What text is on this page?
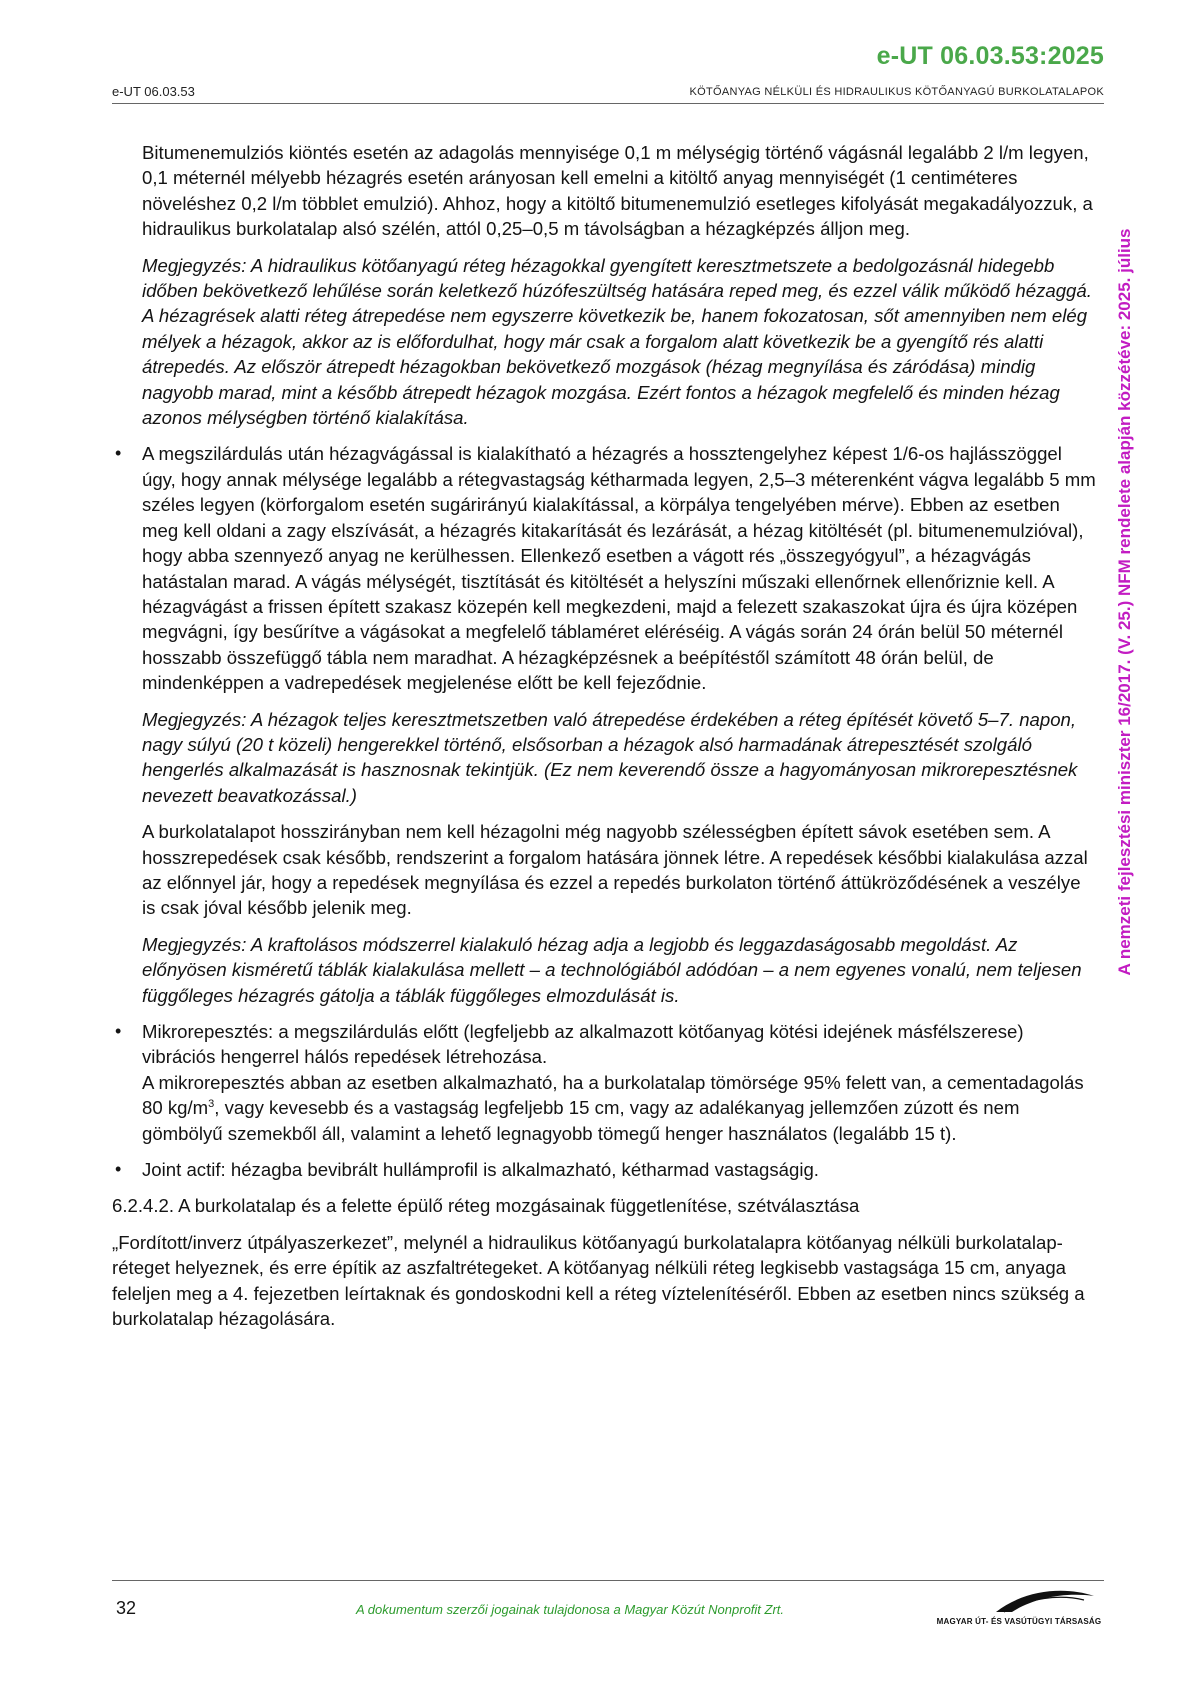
e-UT 06.03.53:2025
e-UT 06.03.53	KÖTŐANYAG NÉLKÜLI ÉS HIDRAULIKUS KÖTŐANYAGÚ BURKOLATALAPOK
A nemzeti fejlesztési miniszter 16/2017. (V. 25.) NFM rendelete alapján közzétéve: 2025. július

Bitumenemulziós kiöntés esetén az adagolás mennyisége 0,1 m mélységig történő vágásnál legalább 2 l/m legyen, 0,1 méternél mélyebb hézagrés esetén arányosan kell emelni a kitöltő anyag mennyiségét (1 centiméteres növeléshez 0,2 l/m többlet emulzió). Ahhoz, hogy a kitöltő bitumenemulzió esetleges kifolyását megakadályozzuk, a hidraulikus burkolatalap alsó szélén, attól 0,25–0,5 m távolságban a hézagképzés álljon meg.

Megjegyzés: A hidraulikus kötőanyagú réteg hézagokkal gyengített keresztmetszete a bedolgozásnál hidegebb időben bekövetkező lehűlése során keletkező húzófeszültség hatására reped meg, és ezzel válik működő hézaggá. A hézagrések alatti réteg átrepedése nem egyszerre következik be, hanem fokozatosan, sőt amennyiben nem elég mélyek a hézagok, akkor az is előfordulhat, hogy már csak a forgalom alatt következik be a gyengítő rés alatti átrepedés. Az először átrepedt hézagokban bekövetkező mozgások (hézag megnyílása és záródása) mindig nagyobb marad, mint a később átrepedt hézagok mozgása. Ezért fontos a hézagok megfelelő és minden hézag azonos mélységben történő kialakítása.

• A megszilárdulás után hézagvágással is kialakítható a hézagrés a hossztengelyhez képest 1/6-os hajlásszöggel úgy, hogy annak mélysége legalább a rétegvastagság kétharmada legyen, 2,5–3 méterenként vágva legalább 5 mm széles legyen (körforgalom esetén sugárirányú kialakítással, a körpálya tengelyében mérve). Ebben az esetben meg kell oldani a zagy elszívását, a hézagrés kitakarítását és lezárását, a hézag kitöltését (pl. bitumenemulzióval), hogy abba szennyező anyag ne kerülhessen. Ellenkező esetben a vágott rés „összegyógyul”, a hézagvágás hatástalan marad. A vágás mélységét, tisztítását és kitöltését a helyszíni műszaki ellenőrnek ellenőriznie kell. A hézagvágást a frissen épített szakasz közepén kell megkezdeni, majd a felezett szakaszokat újra és újra középen megvágni, így besűrítve a vágásokat a megfelelő táblaméret eléréséig. A vágás során 24 órán belül 50 méternél hosszabb összefüggő tábla nem maradhat. A hézagképzésnek a beépítéstől számított 48 órán belül, de mindenképpen a vadrepedések megjelenése előtt be kell fejeződnie.

Megjegyzés: A hézagok teljes keresztmetszetben való átrepedése érdekében a réteg építését követő 5–7. napon, nagy súlyú (20 t közeli) hengerekkel történő, elsősorban a hézagok alsó harmadának átrepesztését szolgáló hengerlés alkalmazását is hasznosnak tekintjük. (Ez nem keverendő össze a hagyományosan mikrorepesztésnek nevezett beavatkozással.)

A burkolatalapot hosszirányban nem kell hézagolni még nagyobb szélességben épített sávok esetében sem. A hosszrepedések csak később, rendszerint a forgalom hatására jönnek létre. A repedések későbbi kialakulása azzal az előnnyel jár, hogy a repedések megnyílása és ezzel a repedés burkolaton történő áttükröződésének a veszélye is csak jóval később jelenik meg.

Megjegyzés: A kraftolásos módszerrel kialakuló hézag adja a legjobb és leggazdaságosabb megoldást. Az előnyösen kisméretű táblák kialakulása mellett – a technológiából adódóan – a nem egyenes vonalú, nem teljesen függőleges hézagrés gátolja a táblák függőleges elmozdulását is.

• Mikrorepesztés: a megszilárdulás előtt (legfeljebb az alkalmazott kötőanyag kötési idejének másfélszerese) vibrációs hengerrel hálós repedések létrehozása.

A mikrorepesztés abban az esetben alkalmazható, ha a burkolatalap tömörsége 95% felett van, a cementadagolás 80 $kg/m^3$, vagy kevesebb és a vastagság legfeljebb 15 cm, vagy az adalékanyag jellemzően zúzott és nem gömbölyű szemekből áll, valamint a lehető legnagyobb tömegű henger használatos (legalább 15 t).

• Joint actif: hézagba bevibrált hullámprofil is alkalmazható, kétharmad vastagságig.

6.2.4.2. A burkolatalap és a felette épülő réteg mozgásainak függetlenítése, szétválasztása

„Fordított/inverz útpályaszerkezet”, melynél a hidraulikus kötőanyagú burkolatalapra kötőanyag nélküli burkolatalap-réteget helyeznek, és erre építik az aszfaltrétegeket. A kötőanyag nélküli réteg legkisebb vastagsága 15 cm, anyaga feleljen meg a 4. fejezetben leírtaknak és gondoskodni kell a réteg víztelenítéséről. Ebben az esetben nincs szükség a burkolatalap hézagolására.

32	A dokumentum szerzői jogainak tulajdonosa a Magyar Közút Nonprofit Zrt.
MAGYAR ÚT- ÉS VASÚTÜGYI TÁRSASÁG
